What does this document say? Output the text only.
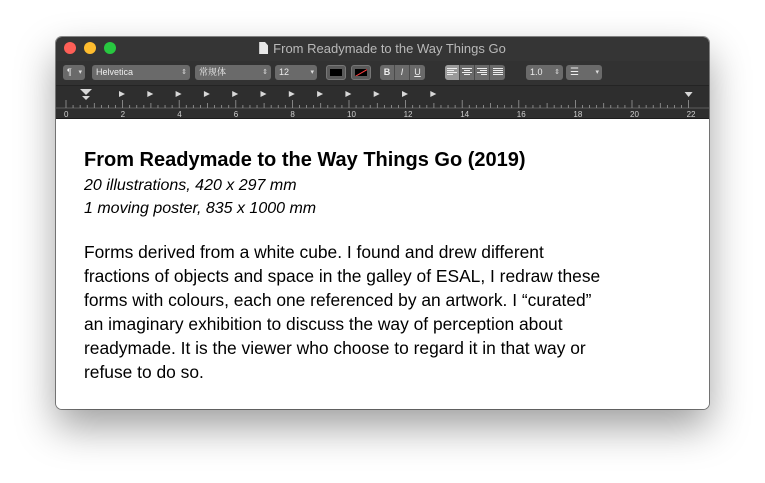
From Readymade to the Way Things Go
¶ ▾	Helvetica	⇕	常规体	⇕	12	▾	B	I	U	1.0 ⇕	☰ ▾
0	2	4	6	8	10	12	14	16	18	20	22
From Readymade to the Way Things Go (2019)
20 illustrations, 420 x 297 mm
1 moving poster, 835 x 1000 mm
Forms derived from a white cube. I found and drew different
fractions of objects and space in the galley of ESAL, I redraw these
forms with colours, each one referenced by an artwork. I “curated”
an imaginary exhibition to discuss the way of perception about
readymade. It is the viewer who choose to regard it in that way or
refuse to do so.
